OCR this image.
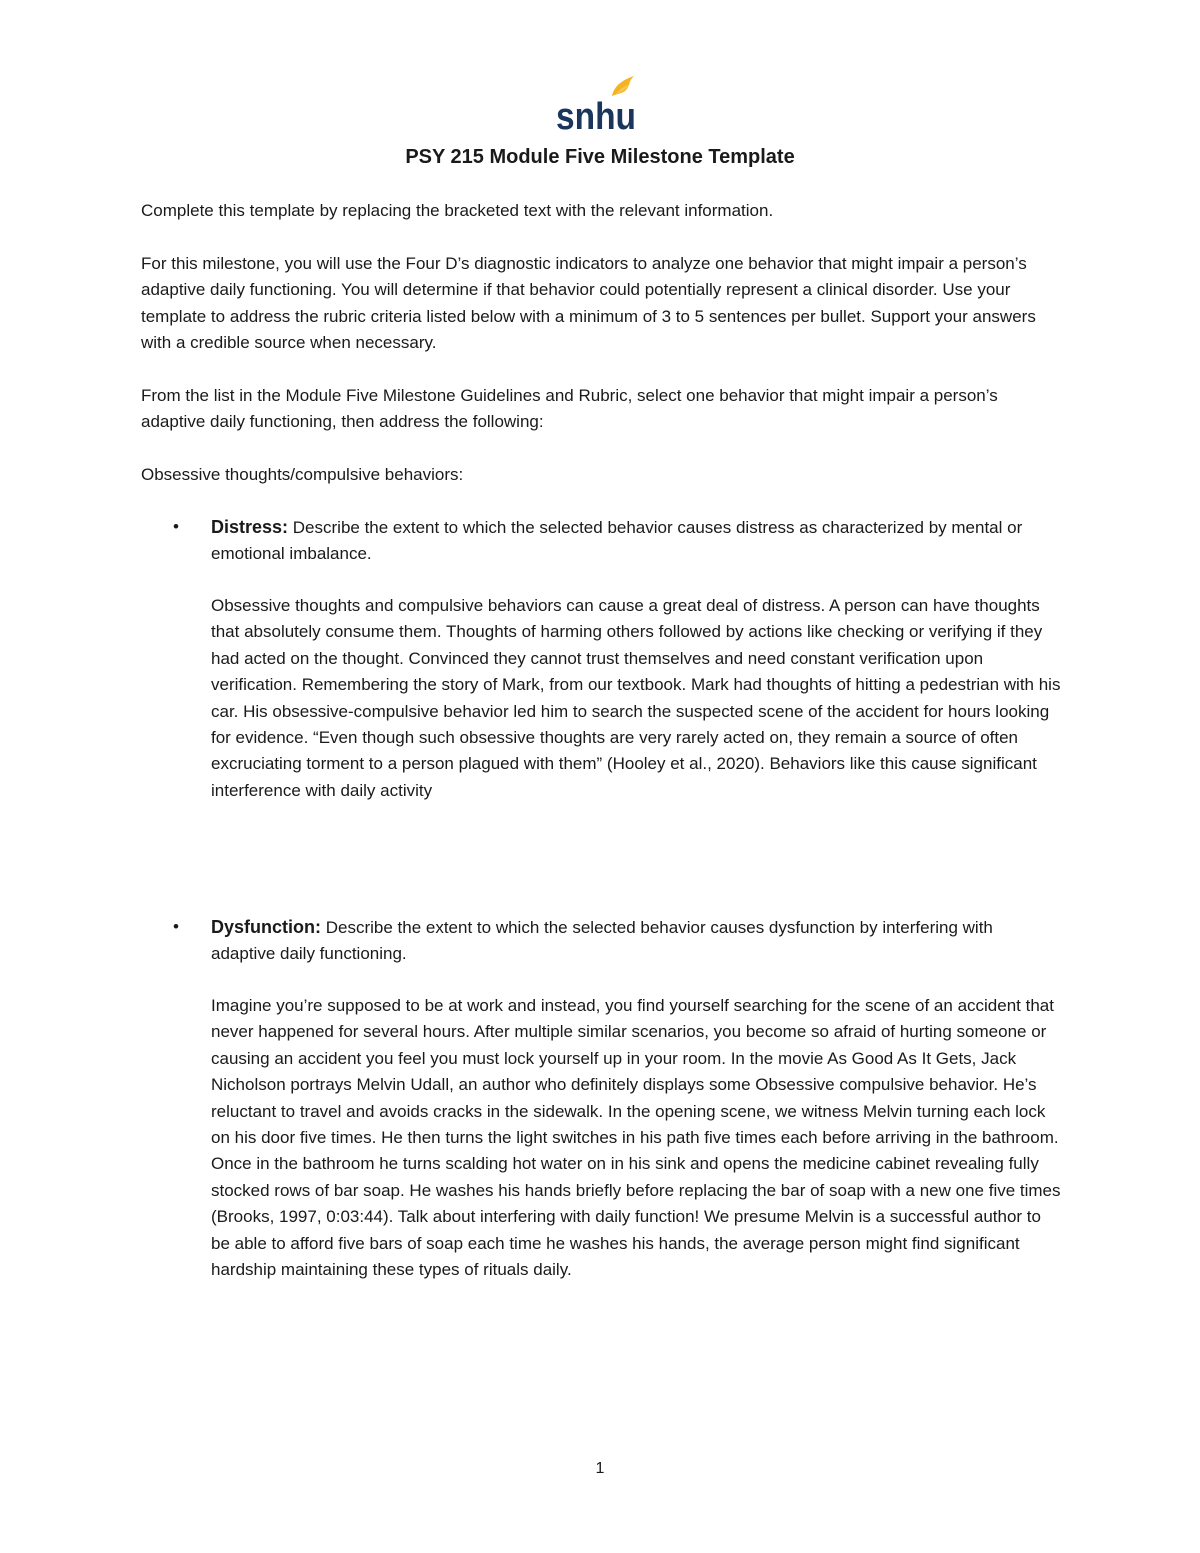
snhu
PSY 215 Module Five Milestone Template

Complete this template by replacing the bracketed text with the relevant information.

For this milestone, you will use the Four D’s diagnostic indicators to analyze one behavior that might impair a person’s adaptive daily functioning. You will determine if that behavior could potentially represent a clinical disorder. Use your template to address the rubric criteria listed below with a minimum of 3 to 5 sentences per bullet. Support your answers with a credible source when necessary.

From the list in the Module Five Milestone Guidelines and Rubric, select one behavior that might impair a person’s adaptive daily functioning, then address the following:

Obsessive thoughts/compulsive behaviors:

• Distress: Describe the extent to which the selected behavior causes distress as characterized by mental or emotional imbalance.

Obsessive thoughts and compulsive behaviors can cause a great deal of distress. A person can have thoughts that absolutely consume them. Thoughts of harming others followed by actions like checking or verifying if they had acted on the thought. Convinced they cannot trust themselves and need constant verification upon verification. Remembering the story of Mark, from our textbook. Mark had thoughts of hitting a pedestrian with his car. His obsessive-compulsive behavior led him to search the suspected scene of the accident for hours looking for evidence. “Even though such obsessive thoughts are very rarely acted on, they remain a source of often excruciating torment to a person plagued with them” (Hooley et al., 2020). Behaviors like this cause significant interference with daily activity

• Dysfunction: Describe the extent to which the selected behavior causes dysfunction by interfering with adaptive daily functioning.

Imagine you’re supposed to be at work and instead, you find yourself searching for the scene of an accident that never happened for several hours. After multiple similar scenarios, you become so afraid of hurting someone or causing an accident you feel you must lock yourself up in your room. In the movie As Good As It Gets, Jack Nicholson portrays Melvin Udall, an author who definitely displays some Obsessive compulsive behavior. He’s reluctant to travel and avoids cracks in the sidewalk. In the opening scene, we witness Melvin turning each lock on his door five times. He then turns the light switches in his path five times each before arriving in the bathroom. Once in the bathroom he turns scalding hot water on in his sink and opens the medicine cabinet revealing fully stocked rows of bar soap. He washes his hands briefly before replacing the bar of soap with a new one five times (Brooks, 1997, 0:03:44). Talk about interfering with daily function! We presume Melvin is a successful author to be able to afford five bars of soap each time he washes his hands, the average person might find significant hardship maintaining these types of rituals daily.

1
